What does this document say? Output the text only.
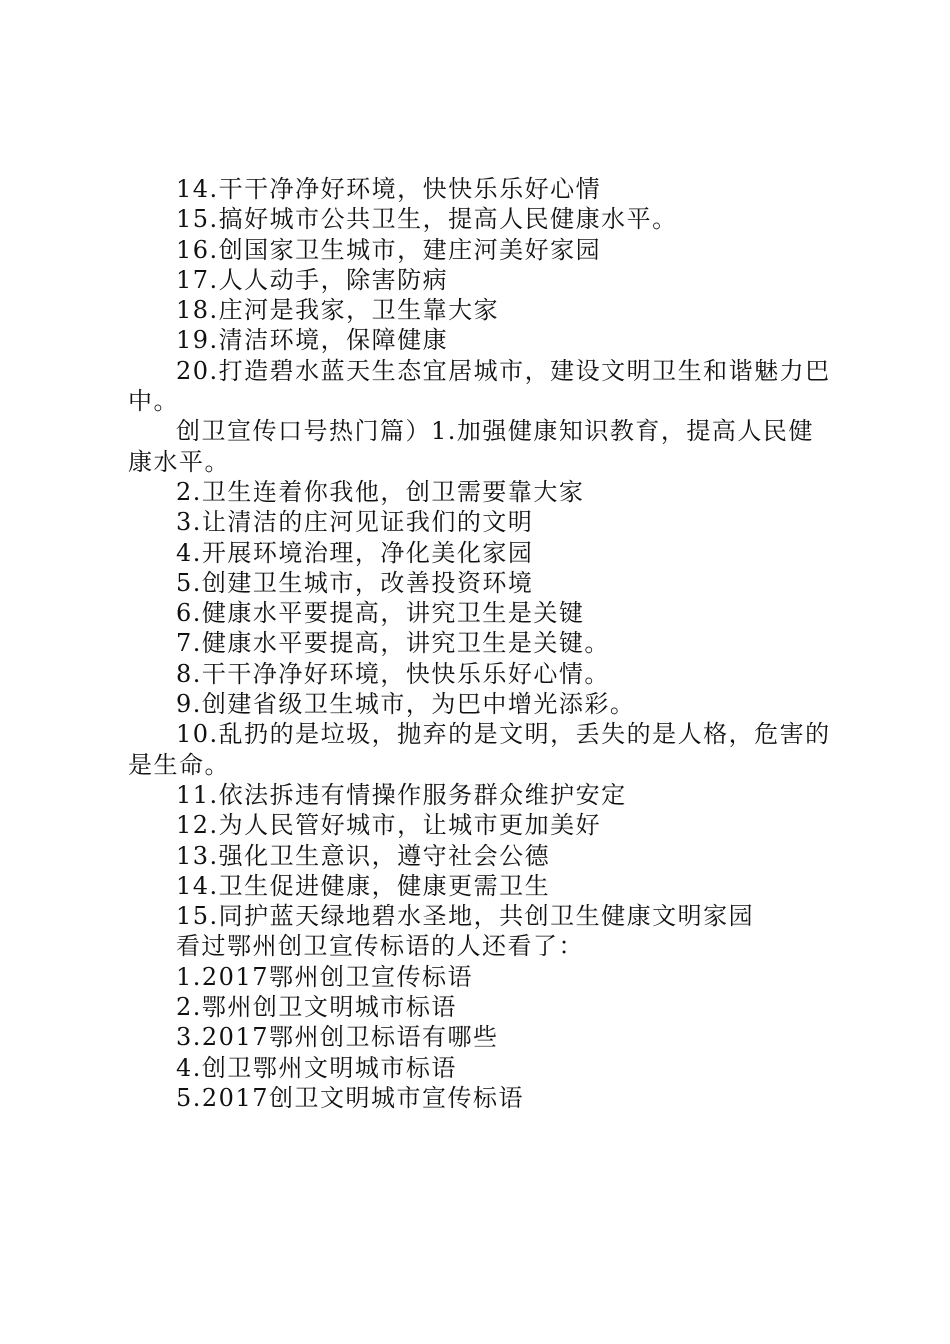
14.干干净净好环境，快快乐乐好心情

15.搞好城市公共卫生，提高人民健康水平。

16.创国家卫生城市，建庄河美好家园

17.人人动手，除害防病

18.庄河是我家，卫生靠大家

19.清洁环境，保障健康

20.打造碧水蓝天生态宜居城市，建设文明卫生和谐魅力巴中。

创卫宣传口号热门篇）1.加强健康知识教育，提高人民健康水平。

2.卫生连着你我他，创卫需要靠大家

3.让清洁的庄河见证我们的文明

4.开展环境治理，净化美化家园

5.创建卫生城市，改善投资环境

6.健康水平要提高，讲究卫生是关键

7.健康水平要提高，讲究卫生是关键。

8.干干净净好环境，快快乐乐好心情。

9.创建省级卫生城市，为巴中增光添彩。

10.乱扔的是垃圾，抛弃的是文明，丢失的是人格，危害的是生命。

11.依法拆违有情操作服务群众维护安定

12.为人民管好城市，让城市更加美好

13.强化卫生意识，遵守社会公德

14.卫生促进健康，健康更需卫生

15.同护蓝天绿地碧水圣地，共创卫生健康文明家园

看过鄂州创卫宣传标语的人还看了：

1.2017鄂州创卫宣传标语

2.鄂州创卫文明城市标语

3.2017鄂州创卫标语有哪些

4.创卫鄂州文明城市标语

5.2017创卫文明城市宣传标语
